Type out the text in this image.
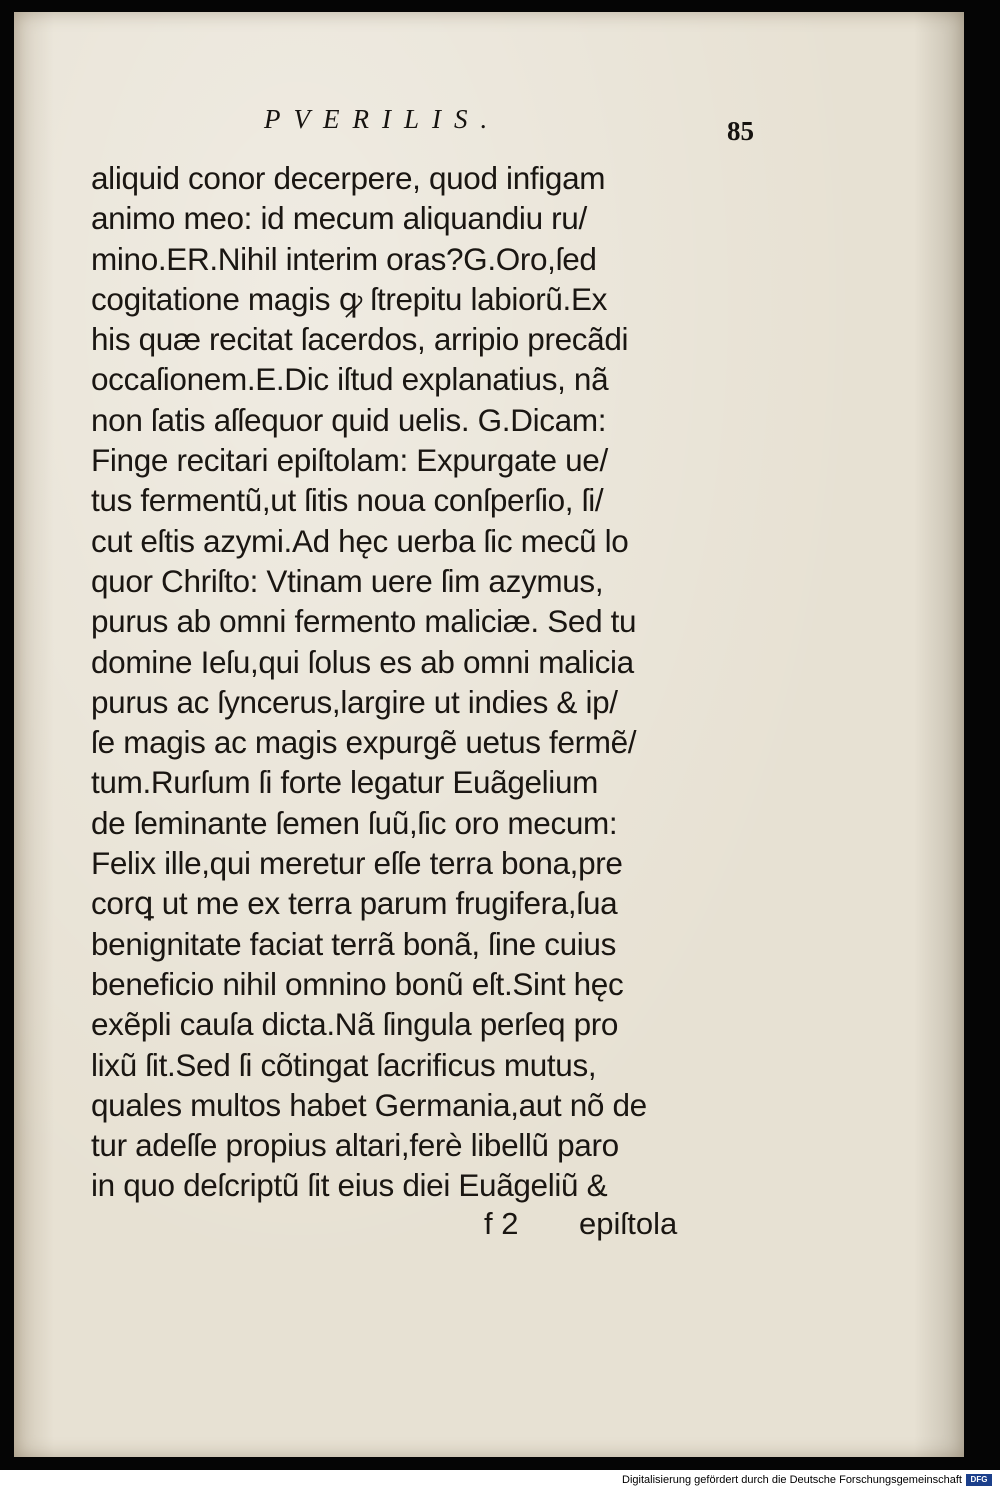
PVERILIS.	85
aliquid conor decerpere, quod infigam
animo meo: id mecum aliquandiu ru/
mino.ER.Nihil interim oras?G.Oro,ſed
cogitatione magis ꝙ ſtrepitu labiorũ.Ex
his quæ recitat ſacerdos, arripio precãdi
occaſionem.E.Dic iſtud explanatius, nã
non ſatis aſſequor quid uelis. G.Dicam:
Finge recitari epiſtolam: Expurgate ue/
tus fermentũ,ut ſitis noua conſperſio, ſi/
cut eſtis azymi.Ad hęc uerba ſic mecũ lo
quor Chriſto: Vtinam uere ſim azymus,
purus ab omni fermento maliciæ. Sed tu
domine Ieſu,qui ſolus es ab omni malicia
purus ac ſyncerus,largire ut indies & ip/
ſe magis ac magis expurgẽ uetus fermẽ/
tum.Rurſum ſi forte legatur Euãgelium
de ſeminante ſemen ſuũ,ſic oro mecum:
Felix ille,qui meretur eſſe terra bona,pre
corꝗ ut me ex terra parum frugifera,ſua
benignitate faciat terrã bonã, ſine cuius
beneficio nihil omnino bonũ eſt.Sint hęc
exẽpli cauſa dicta.Nã ſingula perſeq pro
lixũ ſit.Sed ſi cõtingat ſacrificus mutus,
quales multos habet Germania,aut nõ de
tur adeſſe propius altari,ferè libellũ paro
in quo deſcriptũ ſit eius diei Euãgeliũ &
f 2 epiſtola
Digitalisierung gefördert durch die Deutsche Forschungsgemeinschaft	DFG
